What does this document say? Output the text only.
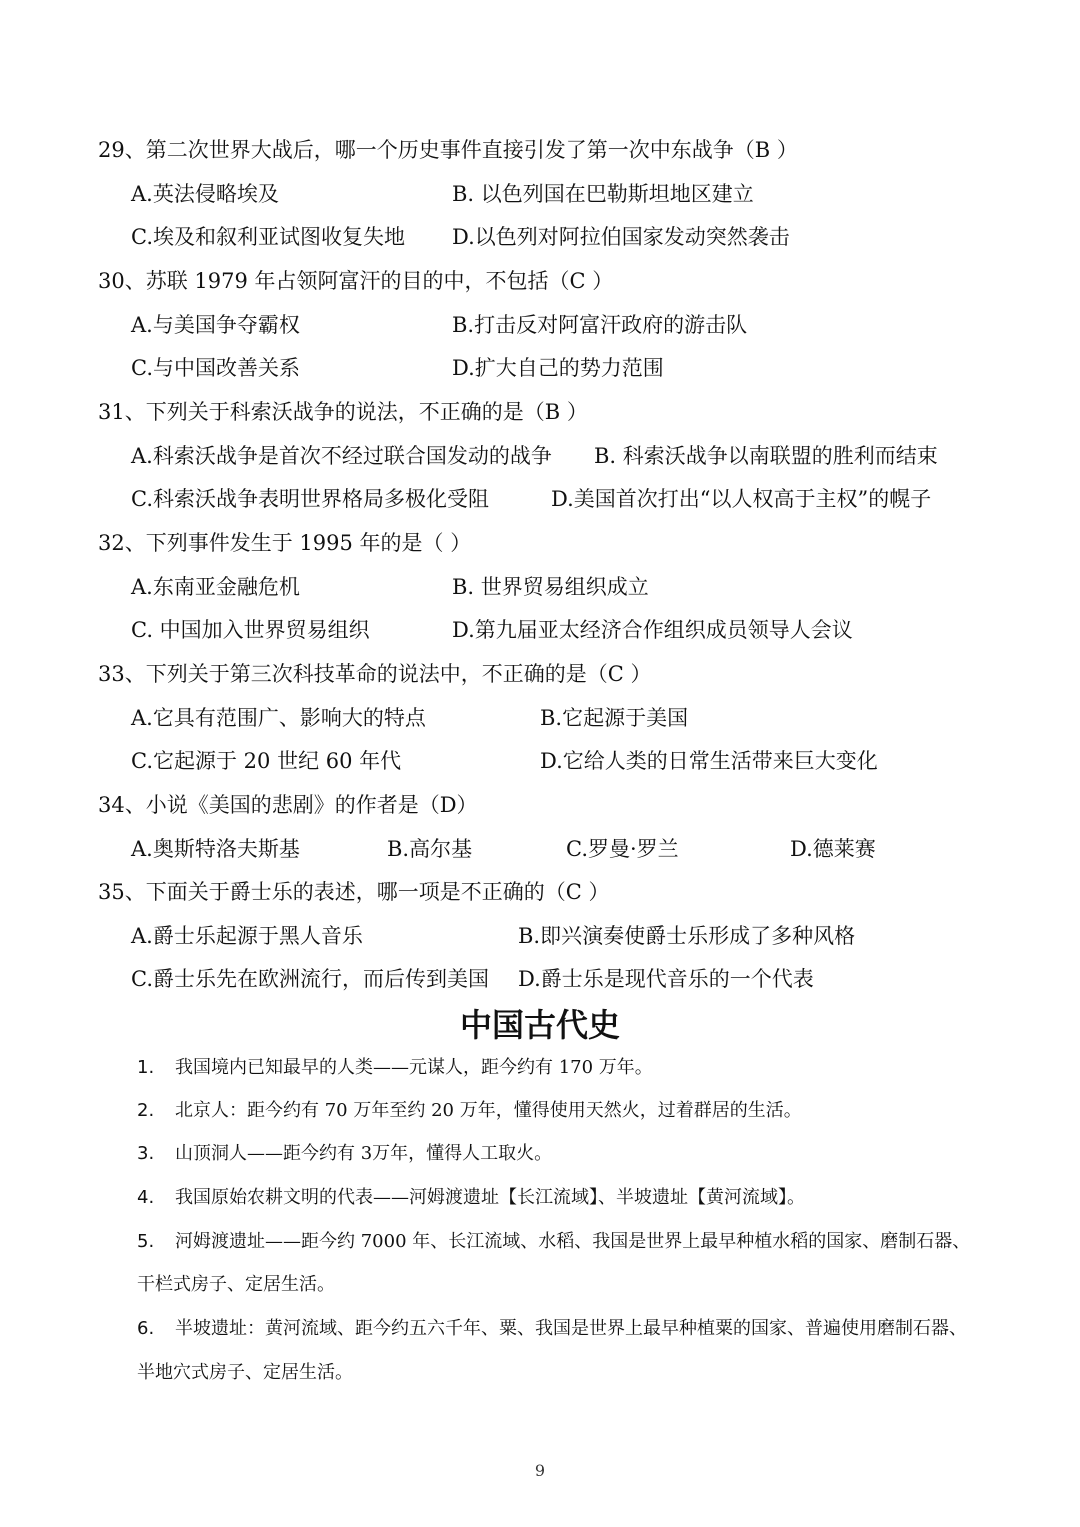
29、第二次世界大战后，哪一个历史事件直接引发了第一次中东战争（B ）
A.英法侵略埃及	B. 以色列国在巴勒斯坦地区建立
C.埃及和叙利亚试图收复失地 D.以色列对阿拉伯国家发动突然袭击
30、苏联 1979 年占领阿富汗的目的中，不包括（C ）
A.与美国争夺霸权	B.打击反对阿富汗政府的游击队
C.与中国改善关系	D.扩大自己的势力范围
31、下列关于科索沃战争的说法，不正确的是（B ）
A.科索沃战争是首次不经过联合国发动的战争 B. 科索沃战争以南联盟的胜利而结束
C.科索沃战争表明世界格局多极化受阻	D.美国首次打出“以人权高于主权”的幌子
32、下列事件发生于 1995 年的是（ ）
A.东南亚金融危机	B. 世界贸易组织成立
C. 中国加入世界贸易组织	D.第九届亚太经济合作组织成员领导人会议
33、下列关于第三次科技革命的说法中，不正确的是（C ）
A.它具有范围广、影响大的特点	B.它起源于美国
C.它起源于 20 世纪 60 年代	D.它给人类的日常生活带来巨大变化
34、小说《美国的悲剧》的作者是（D）
A.奥斯特洛夫斯基	B.高尔基	C.罗曼·罗兰	D.德莱赛
35、下面关于爵士乐的表述，哪一项是不正确的（C ）
A.爵士乐起源于黑人音乐	B.即兴演奏使爵士乐形成了多种风格
C.爵士乐先在欧洲流行，而后传到美国 D.爵士乐是现代音乐的一个代表
中国古代史
1. 我国境内已知最早的人类——元谋人，距今约有 170 万年。
2. 北京人：距今约有 70 万年至约 20 万年，懂得使用天然火，过着群居的生活。
3. 山顶洞人——距今约有 3万年，懂得人工取火。
4. 我国原始农耕文明的代表——河姆渡遗址【长江流域】、半坡遗址【黄河流域】。
5. 河姆渡遗址——距今约 7000 年、长江流域、水稻、我国是世界上最早种植水稻的国家、磨制石器、
干栏式房子、定居生活。
6. 半坡遗址：黄河流域、距今约五六千年、粟、我国是世界上最早种植粟的国家、普遍使用磨制石器、
半地穴式房子、定居生活。
9
